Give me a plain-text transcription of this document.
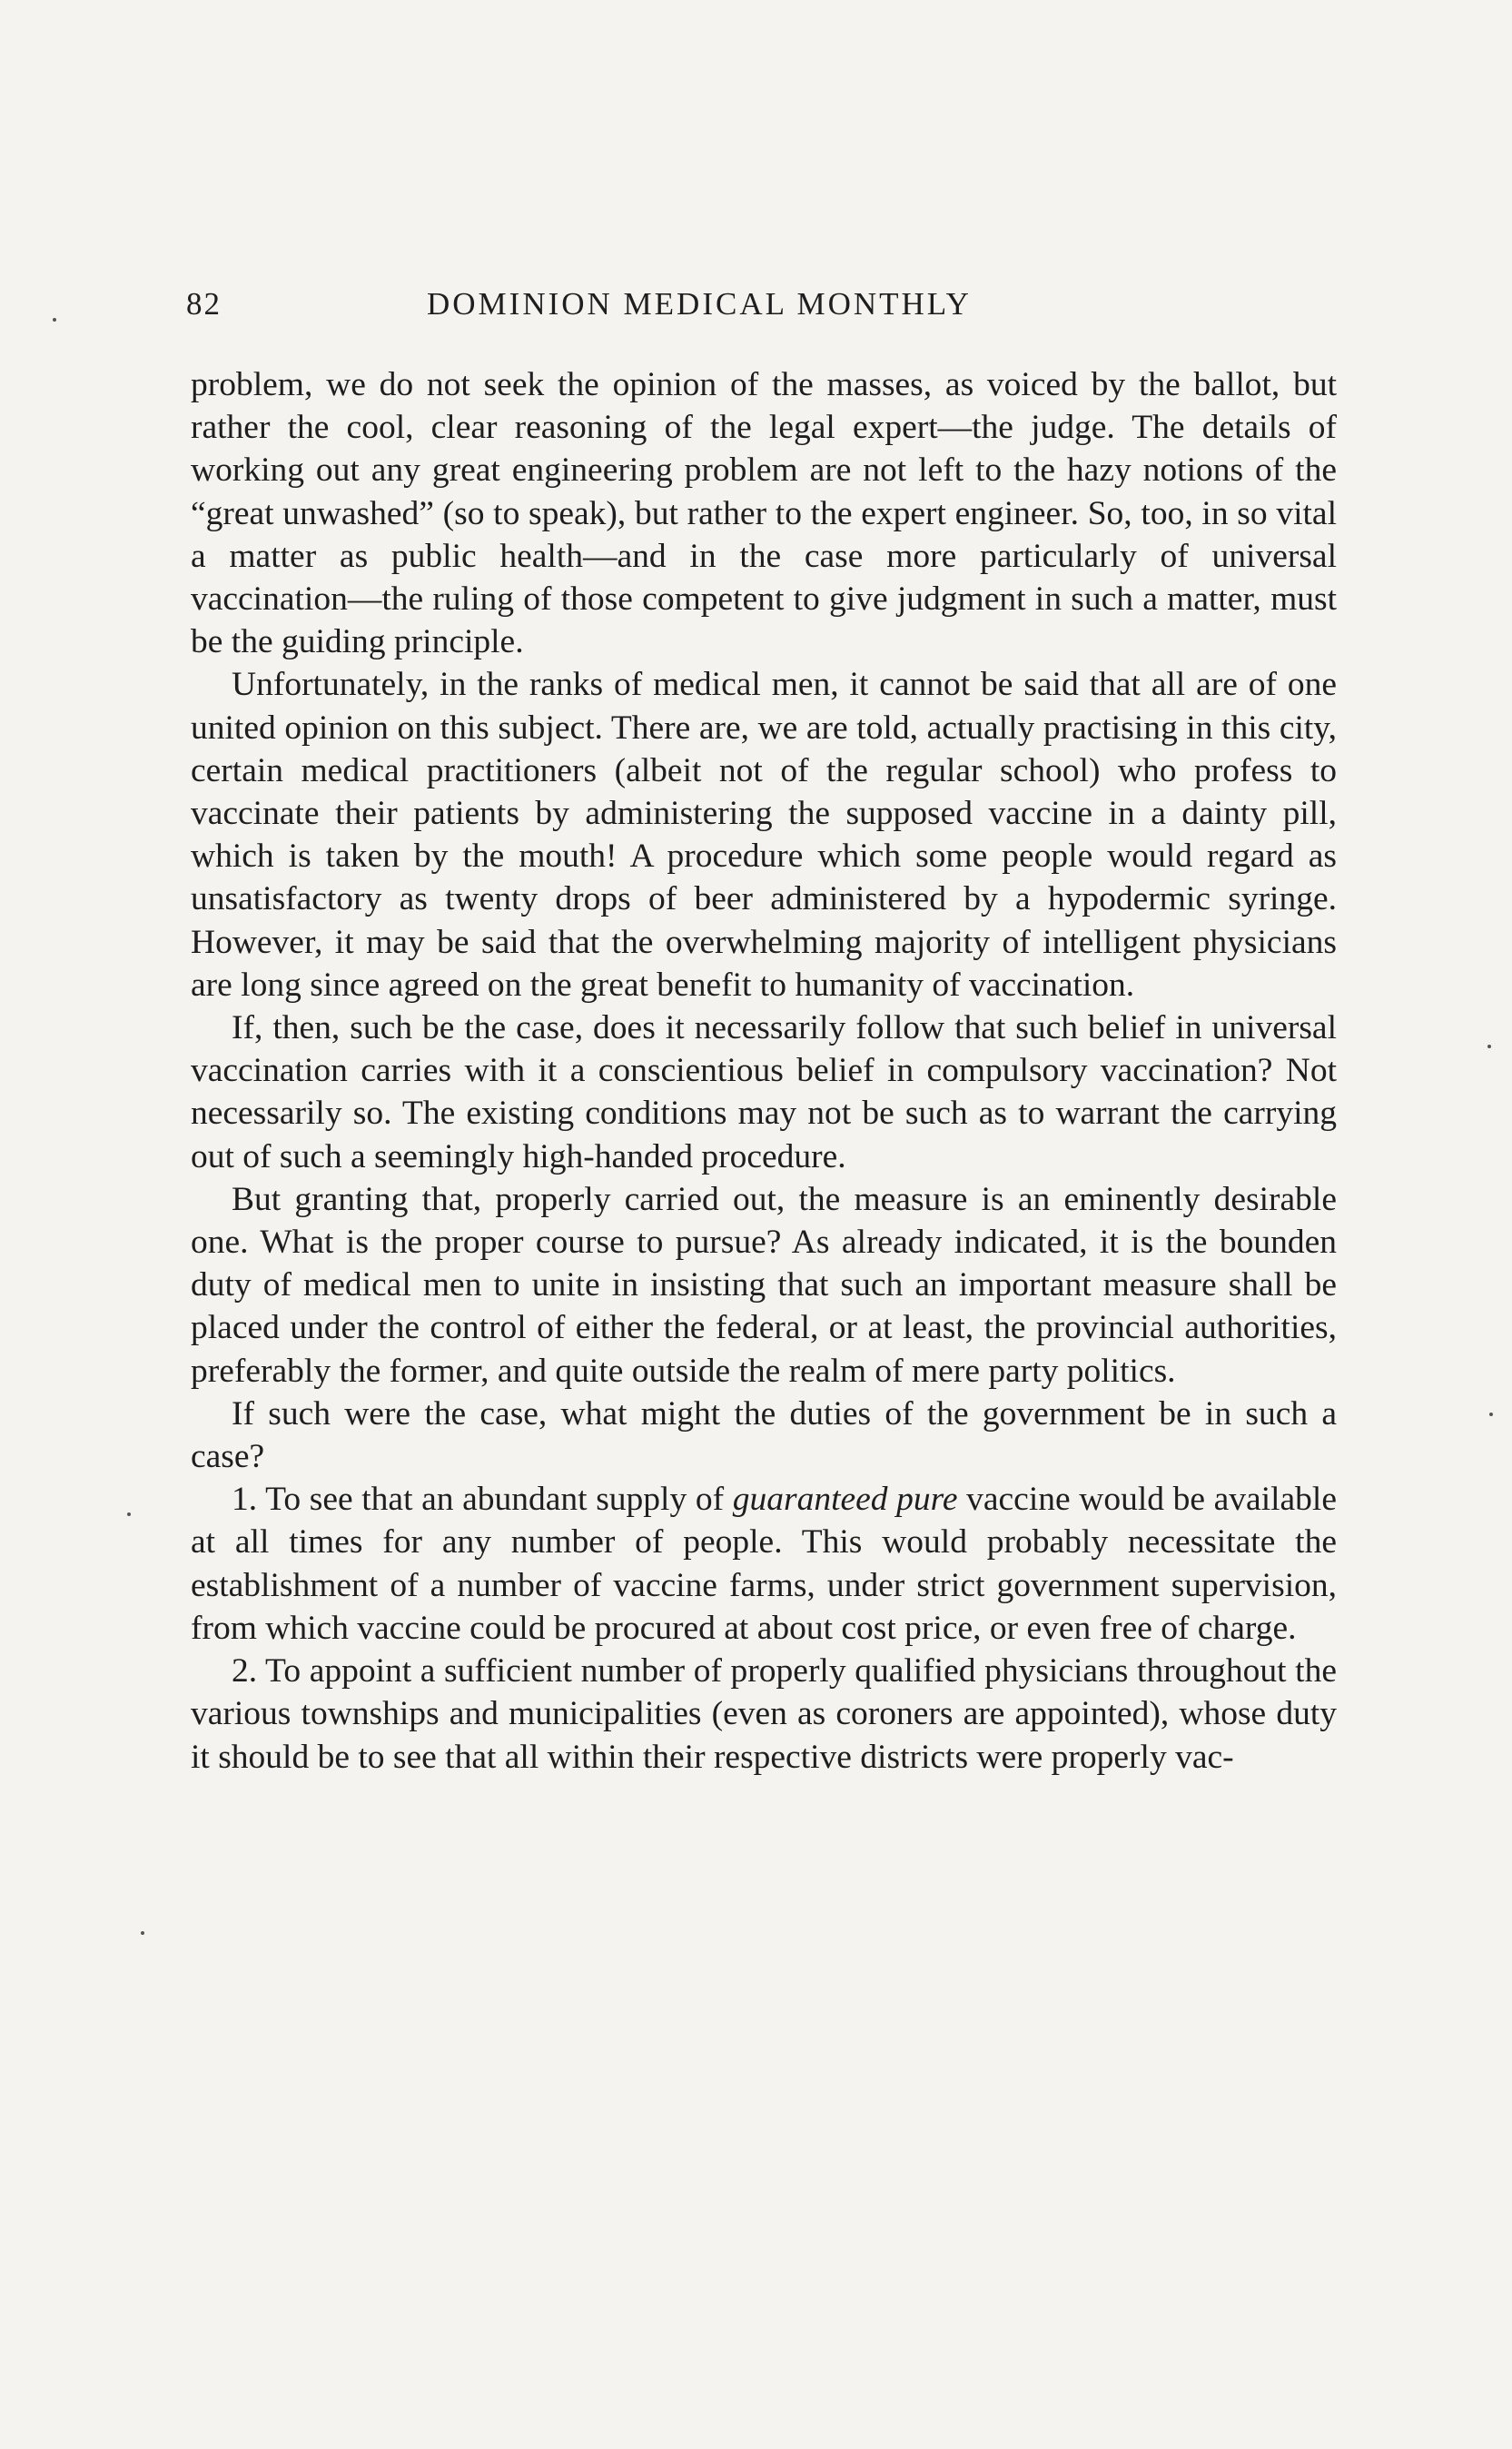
82	DOMINION MEDICAL MONTHLY

problem, we do not seek the opinion of the masses, as voiced by the ballot, but rather the cool, clear reasoning of the legal expert—the judge. The details of working out any great engineering problem are not left to the hazy notions of the “great unwashed” (so to speak), but rather to the expert engineer. So, too, in so vital a matter as public health—and in the case more particularly of universal vaccination—the ruling of those competent to give judgment in such a matter, must be the guiding principle.

Unfortunately, in the ranks of medical men, it cannot be said that all are of one united opinion on this subject. There are, we are told, actually practising in this city, certain medical practitioners (albeit not of the regular school) who profess to vaccinate their patients by administering the supposed vaccine in a dainty pill, which is taken by the mouth! A procedure which some people would regard as unsatisfactory as twenty drops of beer administered by a hypodermic syringe. However, it may be said that the overwhelming majority of intelligent physicians are long since agreed on the great benefit to humanity of vaccination.

If, then, such be the case, does it necessarily follow that such belief in universal vaccination carries with it a conscientious belief in compulsory vaccination? Not necessarily so. The existing conditions may not be such as to warrant the carrying out of such a seemingly high-handed procedure.

But granting that, properly carried out, the measure is an eminently desirable one. What is the proper course to pursue? As already indicated, it is the bounden duty of medical men to unite in insisting that such an important measure shall be placed under the control of either the federal, or at least, the provincial authorities, preferably the former, and quite outside the realm of mere party politics.

If such were the case, what might the duties of the government be in such a case?

1. To see that an abundant supply of guaranteed pure vaccine would be available at all times for any number of people. This would probably necessitate the establishment of a number of vaccine farms, under strict government supervision, from which vaccine could be procured at about cost price, or even free of charge.

2. To appoint a sufficient number of properly qualified physicians throughout the various townships and municipalities (even as coroners are appointed), whose duty it should be to see that all within their respective districts were properly vac-
